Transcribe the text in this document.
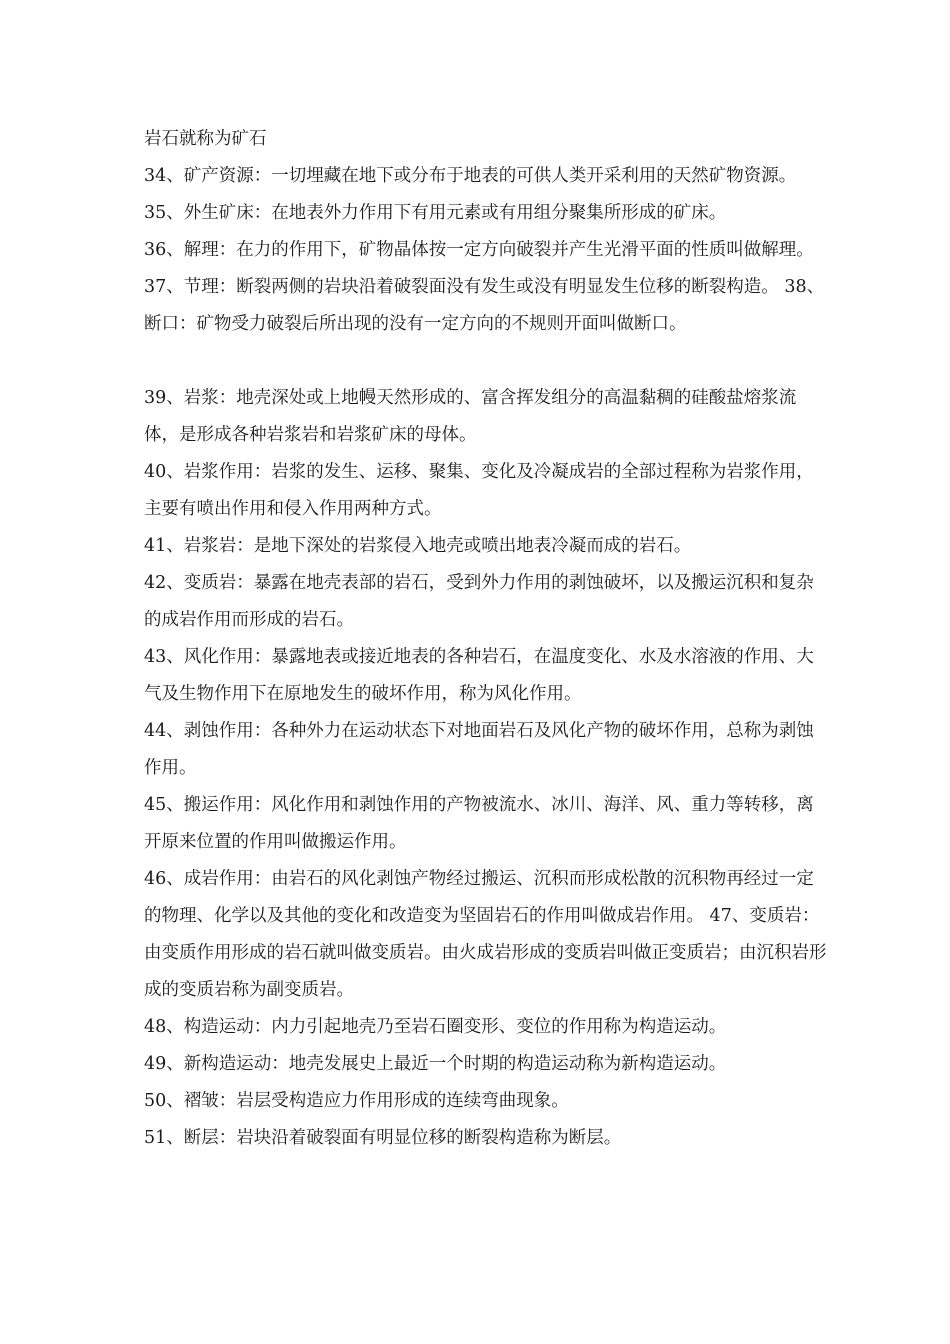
岩石就称为矿石

34、矿产资源：一切埋藏在地下或分布于地表的可供人类开采利用的天然矿物资源。

35、外生矿床：在地表外力作用下有用元素或有用组分聚集所形成的矿床。

36、解理：在力的作用下，矿物晶体按一定方向破裂并产生光滑平面的性质叫做解理。

37、节理：断裂两侧的岩块沿着破裂面没有发生或没有明显发生位移的断裂构造。 38、断口：矿物受力破裂后所出现的没有一定方向的不规则开面叫做断口。

39、岩浆：地壳深处或上地幔天然形成的、富含挥发组分的高温黏稠的硅酸盐熔浆流体，是形成各种岩浆岩和岩浆矿床的母体。

40、岩浆作用：岩浆的发生、运移、聚集、变化及冷凝成岩的全部过程称为岩浆作用，主要有喷出作用和侵入作用两种方式。

41、岩浆岩：是地下深处的岩浆侵入地壳或喷出地表冷凝而成的岩石。

42、变质岩：暴露在地壳表部的岩石，受到外力作用的剥蚀破坏，以及搬运沉积和复杂的成岩作用而形成的岩石。

43、风化作用：暴露地表或接近地表的各种岩石，在温度变化、水及水溶液的作用、大气及生物作用下在原地发生的破坏作用，称为风化作用。

44、剥蚀作用：各种外力在运动状态下对地面岩石及风化产物的破坏作用，总称为剥蚀作用。

45、搬运作用：风化作用和剥蚀作用的产物被流水、冰川、海洋、风、重力等转移，离开原来位置的作用叫做搬运作用。

46、成岩作用：由岩石的风化剥蚀产物经过搬运、沉积而形成松散的沉积物再经过一定的物理、化学以及其他的变化和改造变为坚固岩石的作用叫做成岩作用。 47、变质岩：由变质作用形成的岩石就叫做变质岩。由火成岩形成的变质岩叫做正变质岩；由沉积岩形成的变质岩称为副变质岩。

48、构造运动：内力引起地壳乃至岩石圈变形、变位的作用称为构造运动。

49、新构造运动：地壳发展史上最近一个时期的构造运动称为新构造运动。

50、褶皱：岩层受构造应力作用形成的连续弯曲现象。

51、断层：岩块沿着破裂面有明显位移的断裂构造称为断层。
